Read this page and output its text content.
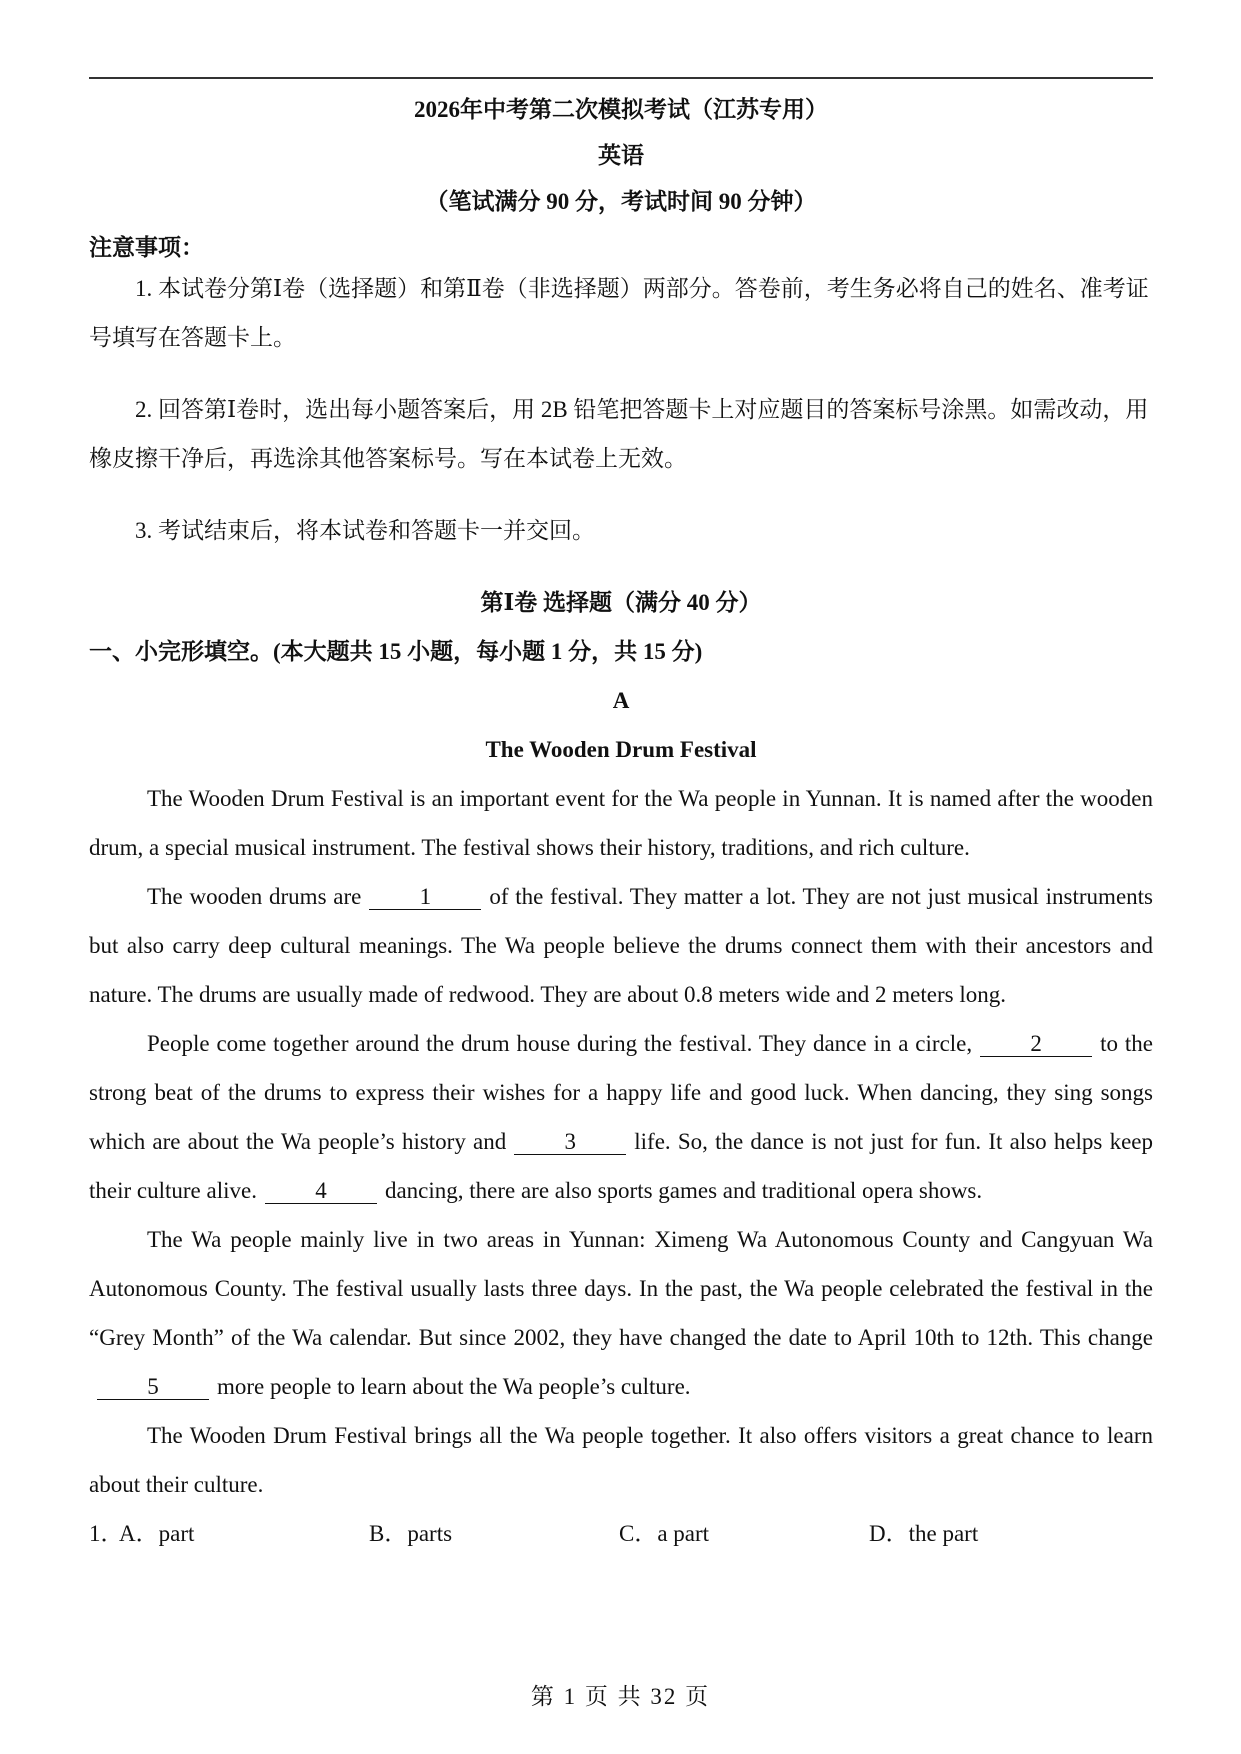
2026年中考第二次模拟考试（江苏专用）
英语
（笔试满分 90 分，考试时间 90 分钟）
注意事项：

1. 本试卷分第Ⅰ卷（选择题）和第Ⅱ卷（非选择题）两部分。答卷前，考生务必将自己的姓名、准考证号填写在答题卡上。

2. 回答第Ⅰ卷时，选出每小题答案后，用 2B 铅笔把答题卡上对应题目的答案标号涂黑。如需改动，用橡皮擦干净后，再选涂其他答案标号。写在本试卷上无效。

3. 考试结束后，将本试卷和答题卡一并交回。

第Ⅰ卷 选择题（满分 40 分）
一、小完形填空。(本大题共 15 小题，每小题 1 分，共 15 分)
A
The Wooden Drum Festival

The Wooden Drum Festival is an important event for the Wa people in Yunnan. It is named after the wooden drum, a special musical instrument. The festival shows their history, traditions, and rich culture.

The wooden drums are	1	of the festival. They matter a lot. They are not just musical instruments but also carry deep cultural meanings. The Wa people believe the drums connect them with their ancestors and nature. The drums are usually made of redwood. They are about 0.8 meters wide and 2 meters long.

People come together around the drum house during the festival. They dance in a circle,	2	to the strong beat of the drums to express their wishes for a happy life and good luck. When dancing, they sing songs which are about the Wa people’s history and	3	life. So, the dance is not just for fun. It also helps keep their culture alive.	4	dancing, there are also sports games and traditional opera shows.

The Wa people mainly live in two areas in Yunnan: Ximeng Wa Autonomous County and Cangyuan Wa Autonomous County. The festival usually lasts three days. In the past, the Wa people celebrated the festival in the “Grey Month” of the Wa calendar. But since 2002, they have changed the date to April 10th to 12th. This change5	more people to learn about the Wa people’s culture.

The Wooden Drum Festival brings all the Wa people together. It also offers visitors a great chance to learn about their culture.

1．
A．part	B．parts	C．a part	D．the part
第 1 页 共 32 页
